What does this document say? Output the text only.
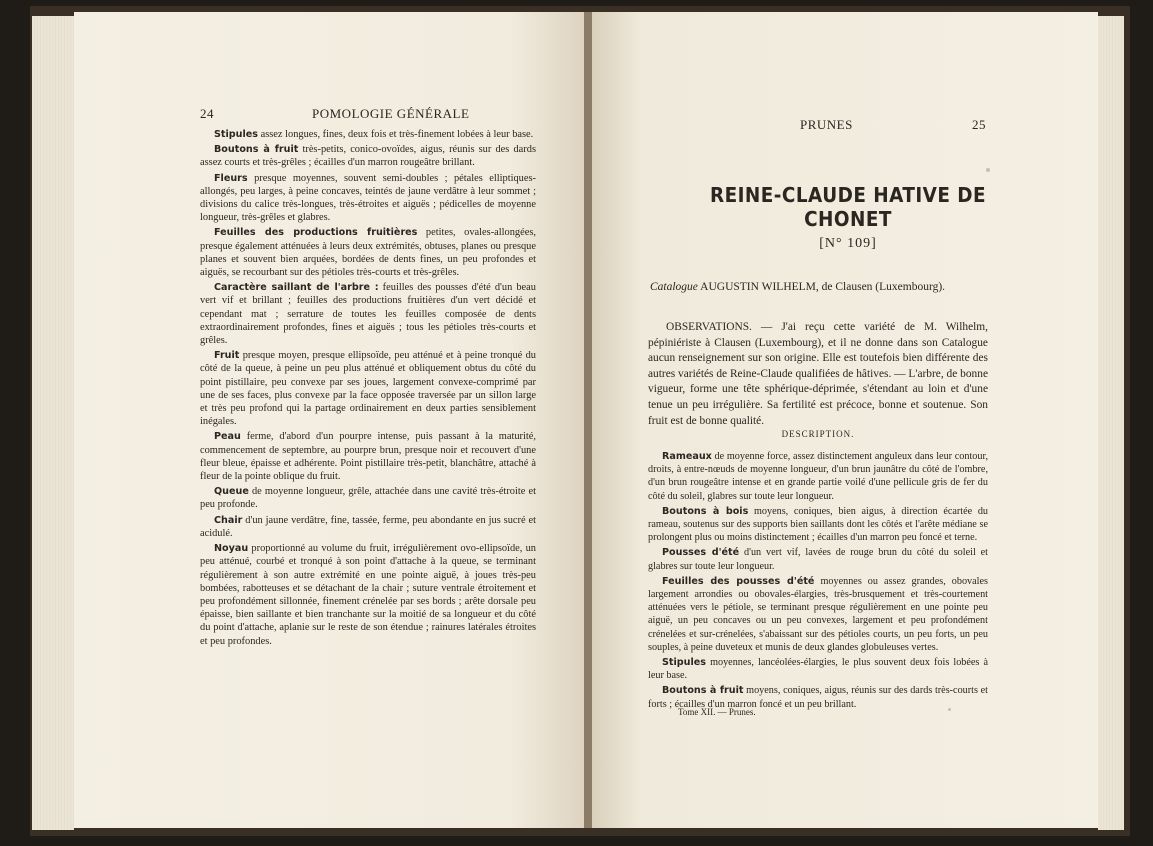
24	POMOLOGIE GÉNÉRALE

Stipules assez longues, fines, deux fois et très-finement lobées à leur base.

Boutons à fruit très-petits, conico-ovoïdes, aigus, réunis sur des dards assez courts et très-grêles ; écailles d'un marron rougeâtre brillant.

Fleurs presque moyennes, souvent semi-doubles ; pétales elliptiques-allongés, peu larges, à peine concaves, teintés de jaune verdâtre à leur sommet ; divisions du calice très-longues, très-étroites et aiguës ; pédicelles de moyenne longueur, très-grêles et glabres.

Feuilles des productions fruitières petites, ovales-allongées, presque également atténuées à leurs deux extrémités, obtuses, planes ou presque planes et souvent bien arquées, bordées de dents fines, un peu profondes et aiguës, se recourbant sur des pétioles très-courts et très-grêles.

Caractère saillant de l'arbre : feuilles des pousses d'été d'un beau vert vif et brillant ; feuilles des productions fruitières d'un vert décidé et cependant mat ; serrature de toutes les feuilles composée de dents extraordinairement profondes, fines et aiguës ; tous les pétioles très-courts et grêles.

Fruit presque moyen, presque ellipsoïde, peu atténué et à peine tronqué du côté de la queue, à peine un peu plus atténué et obliquement obtus du côté du point pistillaire, peu convexe par ses joues, largement convexe-comprimé par une de ses faces, plus convexe par la face opposée traversée par un sillon large et très peu profond qui la partage ordinairement en deux parties sensiblement inégales.

Peau ferme, d'abord d'un pourpre intense, puis passant à la maturité, commencement de septembre, au pourpre brun, presque noir et recouvert d'une fleur bleue, épaisse et adhérente. Point pistillaire très-petit, blanchâtre, attaché à fleur de la pointe oblique du fruit.

Queue de moyenne longueur, grêle, attachée dans une cavité très-étroite et peu profonde.

Chair d'un jaune verdâtre, fine, tassée, ferme, peu abondante en jus sucré et acidulé.

Noyau proportionné au volume du fruit, irrégulièrement ovo-ellipsoïde, un peu atténué, courbé et tronqué à son point d'attache à la queue, se terminant régulièrement à son autre extrémité en une pointe aiguë, à joues très-peu bombées, rabotteuses et se détachant de la chair ; suture ventrale étroitement et peu profondément sillonnée, finement crénelée par ses bords ; arête dorsale peu épaisse, bien saillante et bien tranchante sur la moitié de sa longueur et du côté du point d'attache, aplanie sur le reste de son étendue ; rainures latérales étroites et peu profondes.

PRUNES	25
REINE-CLAUDE HATIVE DE CHONET
[N° 109]
Catalogue AUGUSTIN WILHELM, de Clausen (Luxembourg).

OBSERVATIONS. — J'ai reçu cette variété de M. Wilhelm, pépiniériste à Clausen (Luxembourg), et il ne donne dans son Catalogue aucun renseignement sur son origine. Elle est toutefois bien différente des autres variétés de Reine-Claude qualifiées de hâtives. — L'arbre, de bonne vigueur, forme une tête sphérique-déprimée, s'étendant au loin et d'une tenue un peu irrégulière. Sa fertilité est précoce, bonne et soutenue. Son fruit est de bonne qualité.

DESCRIPTION.

Rameaux de moyenne force, assez distinctement anguleux dans leur contour, droits, à entre-nœuds de moyenne longueur, d'un brun jaunâtre du côté de l'ombre, d'un brun rougeâtre intense et en grande partie voilé d'une pellicule gris de fer du côté du soleil, glabres sur toute leur longueur.

Boutons à bois moyens, coniques, bien aigus, à direction écartée du rameau, soutenus sur des supports bien saillants dont les côtés et l'arête médiane se prolongent plus ou moins distinctement ; écailles d'un marron peu foncé et terne.

Pousses d'été d'un vert vif, lavées de rouge brun du côté du soleil et glabres sur toute leur longueur.

Feuilles des pousses d'été moyennes ou assez grandes, obovales largement arrondies ou obovales-élargies, très-brusquement et très-courtement atténuées vers le pétiole, se terminant presque régulièrement en une pointe peu aiguë, un peu concaves ou un peu convexes, largement et peu profondément crénelées et sur-crénelées, s'abaissant sur des pétioles courts, un peu forts, un peu souples, à peine duveteux et munis de deux glandes globuleuses vertes.

Stipules moyennes, lancéolées-élargies, le plus souvent deux fois lobées à leur base.

Boutons à fruit moyens, coniques, aigus, réunis sur des dards très-courts et forts ; écailles d'un marron foncé et un peu brillant.

Tome XII. — Prunes.
